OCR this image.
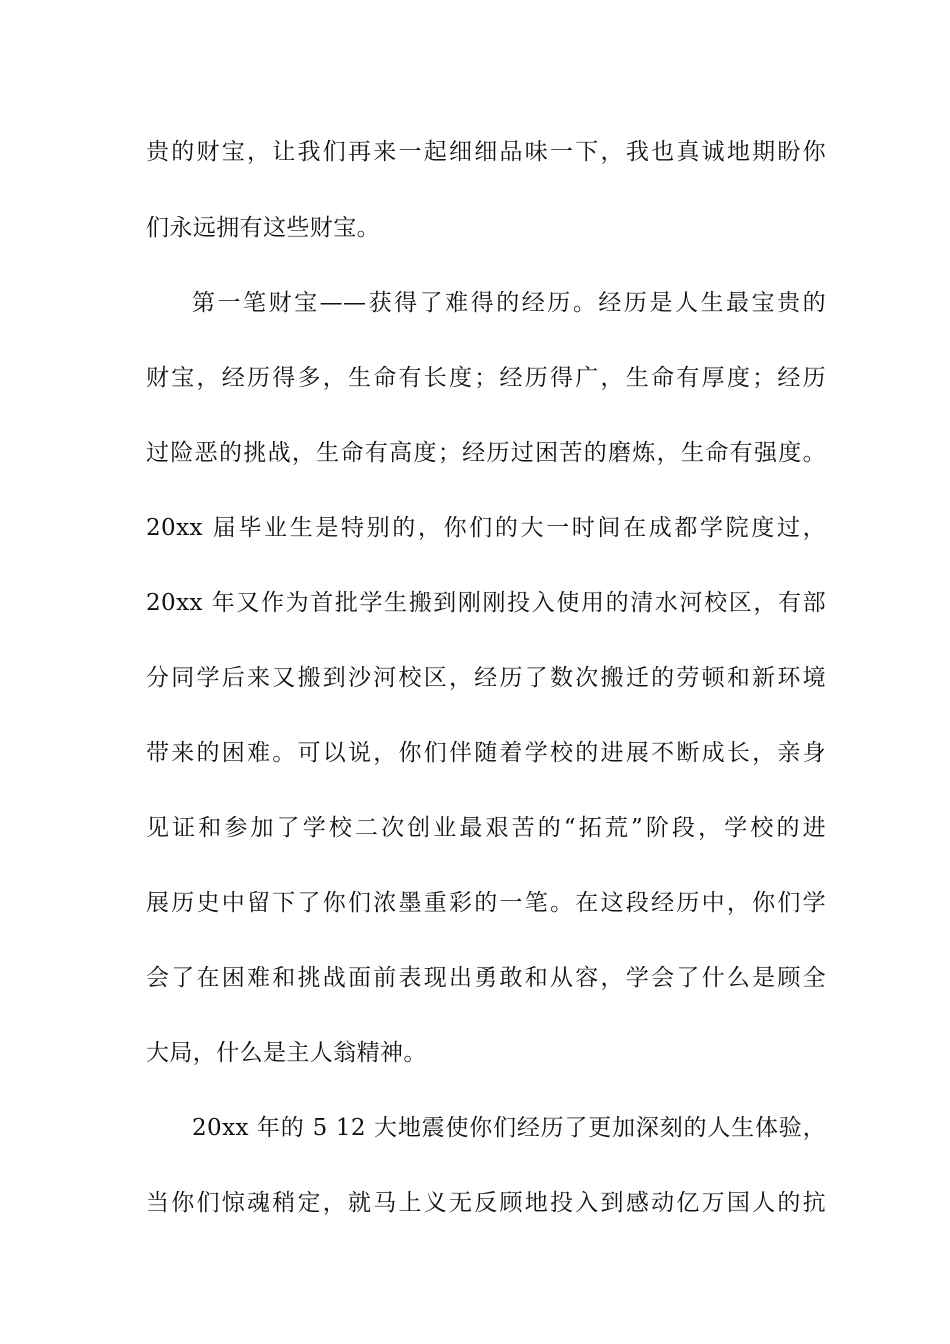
贵的财宝，让我们再来一起细细品味一下，我也真诚地期盼你

们永远拥有这些财宝。

第一笔财宝——获得了难得的经历。经历是人生最宝贵的

财宝，经历得多，生命有长度；经历得广，生命有厚度；经历

过险恶的挑战，生命有高度；经历过困苦的磨炼，生命有强度。

20xx 届毕业生是特别的，你们的大一时间在成都学院度过，

20xx 年又作为首批学生搬到刚刚投入使用的清水河校区，有部

分同学后来又搬到沙河校区，经历了数次搬迁的劳顿和新环境

带来的困难。可以说，你们伴随着学校的进展不断成长，亲身

见证和参加了学校二次创业最艰苦的“拓荒”阶段，学校的进

展历史中留下了你们浓墨重彩的一笔。在这段经历中，你们学

会了在困难和挑战面前表现出勇敢和从容，学会了什么是顾全

大局，什么是主人翁精神。

20xx 年的 5 12 大地震使你们经历了更加深刻的人生体验，

当你们惊魂稍定，就马上义无反顾地投入到感动亿万国人的抗
